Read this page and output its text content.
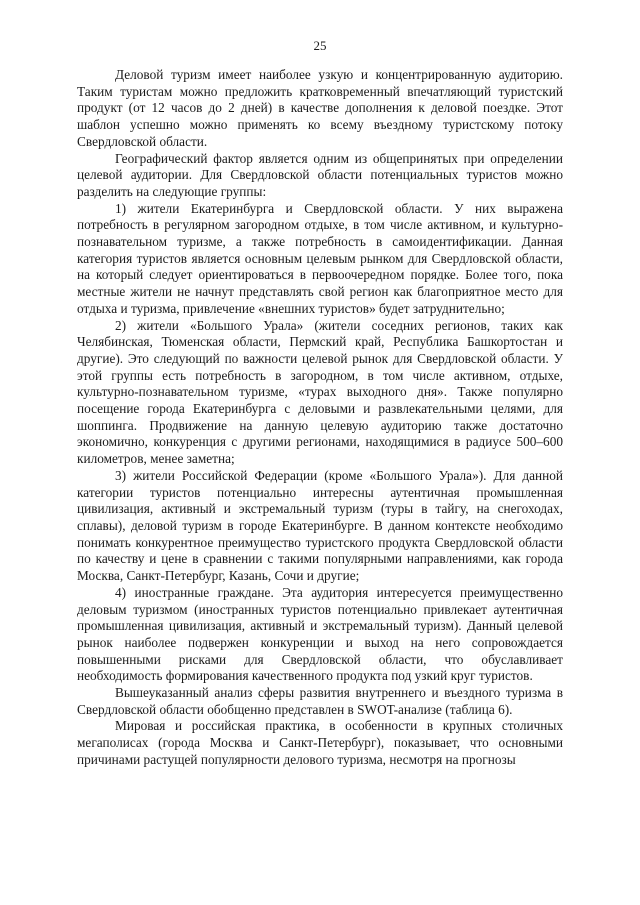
25

Деловой туризм имеет наиболее узкую и концентрированную аудиторию. Таким туристам можно предложить кратковременный впечатляющий туристский продукт (от 12 часов до 2 дней) в качестве дополнения к деловой поездке. Этот шаблон успешно можно применять ко всему въездному туристскому потоку Свердловской области.

Географический фактор является одним из общепринятых при определении целевой аудитории. Для Свердловской области потенциальных туристов можно разделить на следующие группы:

1) жители Екатеринбурга и Свердловской области. У них выражена потребность в регулярном загородном отдыхе, в том числе активном, и культурно-познавательном туризме, а также потребность в самоидентификации. Данная категория туристов является основным целевым рынком для Свердловской области, на который следует ориентироваться в первоочередном порядке. Более того, пока местные жители не начнут представлять свой регион как благоприятное место для отдыха и туризма, привлечение «внешних туристов» будет затруднительно;

2) жители «Большого Урала» (жители соседних регионов, таких как Челябинская, Тюменская области, Пермский край, Республика Башкортостан и другие). Это следующий по важности целевой рынок для Свердловской области. У этой группы есть потребность в загородном, в том числе активном, отдыхе, культурно-познавательном туризме, «турах выходного дня». Также популярно посещение города Екатеринбурга с деловыми и развлекательными целями, для шоппинга. Продвижение на данную целевую аудиторию также достаточно экономично, конкуренция с другими регионами, находящимися в радиусе 500–600 километров, менее заметна;

3) жители Российской Федерации (кроме «Большого Урала»). Для данной категории туристов потенциально интересны аутентичная промышленная цивилизация, активный и экстремальный туризм (туры в тайгу, на снегоходах, сплавы), деловой туризм в городе Екатеринбурге. В данном контексте необходимо понимать конкурентное преимущество туристского продукта Свердловской области по качеству и цене в сравнении с такими популярными направлениями, как города Москва, Санкт-Петербург, Казань, Сочи и другие;

4) иностранные граждане. Эта аудитория интересуется преимущественно деловым туризмом (иностранных туристов потенциально привлекает аутентичная промышленная цивилизация, активный и экстремальный туризм). Данный целевой рынок наиболее подвержен конкуренции и выход на него сопровождается повышенными рисками для Свердловской области, что обуславливает необходимость формирования качественного продукта под узкий круг туристов.

Вышеуказанный анализ сферы развития внутреннего и въездного туризма в Свердловской области обобщенно представлен в SWOT-анализе (таблица 6).

Мировая и российская практика, в особенности в крупных столичных мегаполисах (города Москва и Санкт-Петербург), показывает, что основными причинами растущей популярности делового туризма, несмотря на прогнозы
